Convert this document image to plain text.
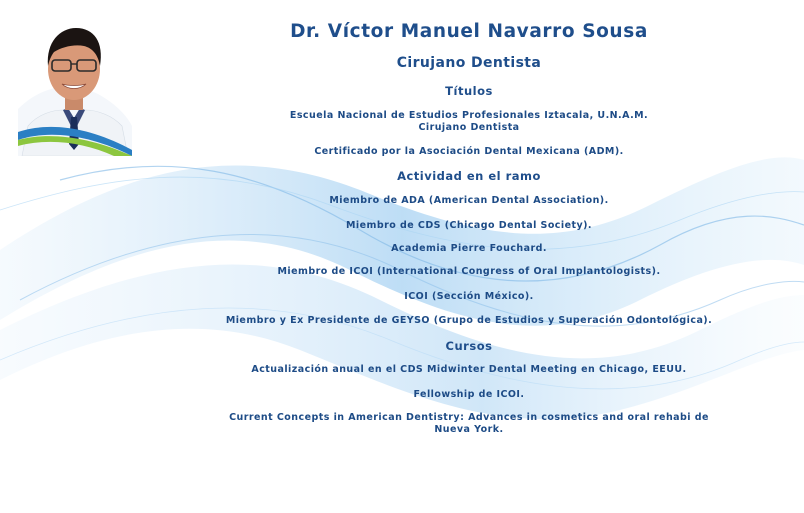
Dr. Víctor Manuel Navarro Sousa
Cirujano Dentista
Títulos
Escuela Nacional de Estudios Profesionales Iztacala, U.N.A.M.
Cirujano Dentista
Certificado por la Asociación Dental Mexicana (ADM).
Actividad en el ramo
Miembro de ADA (American Dental Association).
Miembro de CDS (Chicago Dental Society).
Academia Pierre Fouchard.
Miembro de ICOI (International Congress of Oral Implantologists).
ICOI (Sección México).
Miembro y Ex Presidente de GEYSO (Grupo de Estudios y Superación Odontológica).
Cursos
Actualización anual en el CDS Midwinter Dental Meeting en Chicago, EEUU.
Fellowship de ICOI.
Current Concepts in American Dentistry: Advances in cosmetics and oral rehabi de
Nueva York.
